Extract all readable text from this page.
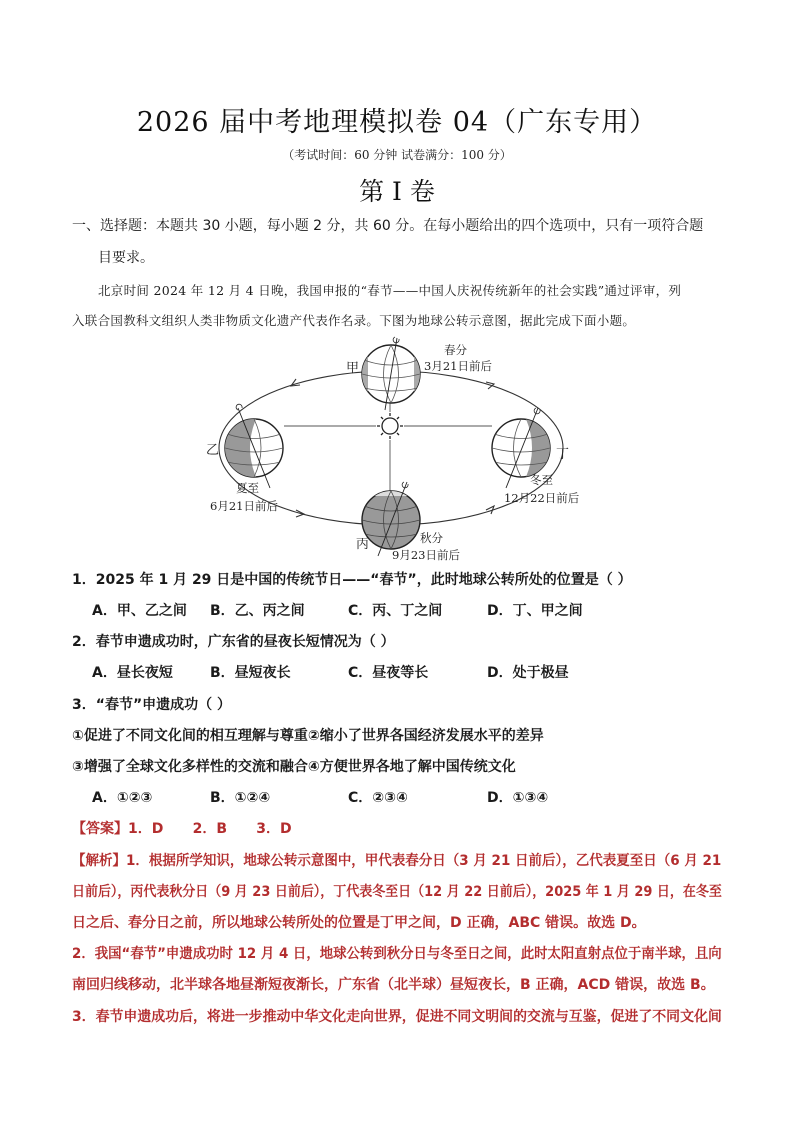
2026 届中考地理模拟卷 04（广东专用）
（考试时间：60 分钟 试卷满分：100 分）
第 I 卷
一、选择题：本题共 30 小题，每小题 2 分，共 60 分。在每小题给出的四个选项中，只有一项符合题
目要求。
北京时间 2024 年 12 月 4 日晚，我国申报的“春节——中国人庆祝传统新年的社会实践”通过评审，列
入联合国教科文组织人类非物质文化遗产代表作名录。下图为地球公转示意图，据此完成下面小题。
甲
春分
3月21日前后
乙
夏至
6月21日前后
丙	秋分
9月23日前后
丁
冬至
12月22日前后
1．2025 年 1 月 29 日是中国的传统节日——“春节”，此时地球公转所处的位置是（ ）
A．甲、乙之间 B．乙、丙之间	C．丙、丁之间	D．丁、甲之间
2．春节申遗成功时，广东省的昼夜长短情况为（ ）
A．昼长夜短	B．昼短夜长	C．昼夜等长	D．处于极昼
3．“春节”申遗成功（ ）
①促进了不同文化间的相互理解与尊重②缩小了世界各国经济发展水平的差异
③增强了全球文化多样性的交流和融合④方便世界各地了解中国传统文化
A．①②③	B．①②④	C．②③④	D．①③④
【答案】1．D      2．B      3．D
【解析】1．根据所学知识，地球公转示意图中，甲代表春分日（3 月 21 日前后），乙代表夏至日（6 月 21
日前后），丙代表秋分日（9 月 23 日前后），丁代表冬至日（12 月 22 日前后），2025 年 1 月 29 日，在冬至
日之后、春分日之前，所以地球公转所处的位置是丁甲之间，D 正确，ABC 错误。故选 D。
2．我国“春节”申遗成功时 12 月 4 日，地球公转到秋分日与冬至日之间，此时太阳直射点位于南半球，且向
南回归线移动，北半球各地昼渐短夜渐长，广东省（北半球）昼短夜长，B 正确，ACD 错误，故选 B。
3．春节申遗成功后，将进一步推动中华文化走向世界，促进不同文明间的交流与互鉴，促进了不同文化间
